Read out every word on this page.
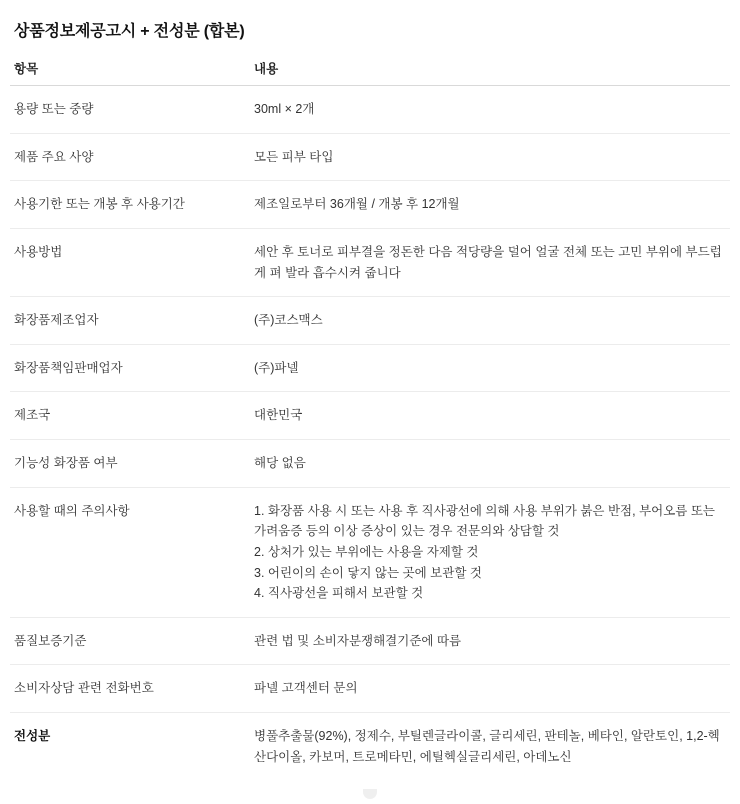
상품정보제공고시 + 전성분 (합본)
항목	내용
용량 또는 중량	30ml × 2개

제품 주요 사양	모든 피부 타입

사용기한 또는 개봉 후 사용기간	제조일로부터 36개월 / 개봉 후 12개월

사용방법	세안 후 토너로 피부결을 정돈한 다음 적당량을 덜어 얼굴 전체 또는 고민 부위에 부드럽게 펴 발라 흡수시켜 줍니다

화장품제조업자	(주)코스맥스

화장품책임판매업자	(주)파넬

제조국	대한민국

기능성 화장품 여부	해당 없음

사용할 때의 주의사항	1. 화장품 사용 시 또는 사용 후 직사광선에 의해 사용 부위가 붉은 반점, 부어오름 또는 가려움증 등의 이상 증상이 있는 경우 전문의와 상담할 것
2. 상처가 있는 부위에는 사용을 자제할 것
3. 어린이의 손이 닿지 않는 곳에 보관할 것
4. 직사광선을 피해서 보관할 것

품질보증기준	관련 법 및 소비자분쟁해결기준에 따름

소비자상담 관련 전화번호	파넬 고객센터 문의

전성분	병풀추출물(92%), 정제수, 부틸렌글라이콜, 글리세린, 판테놀, 베타인, 알란토인, 1,2-헥산다이올, 카보머, 트로메타민, 에틸헥실글리세린, 아데노신
